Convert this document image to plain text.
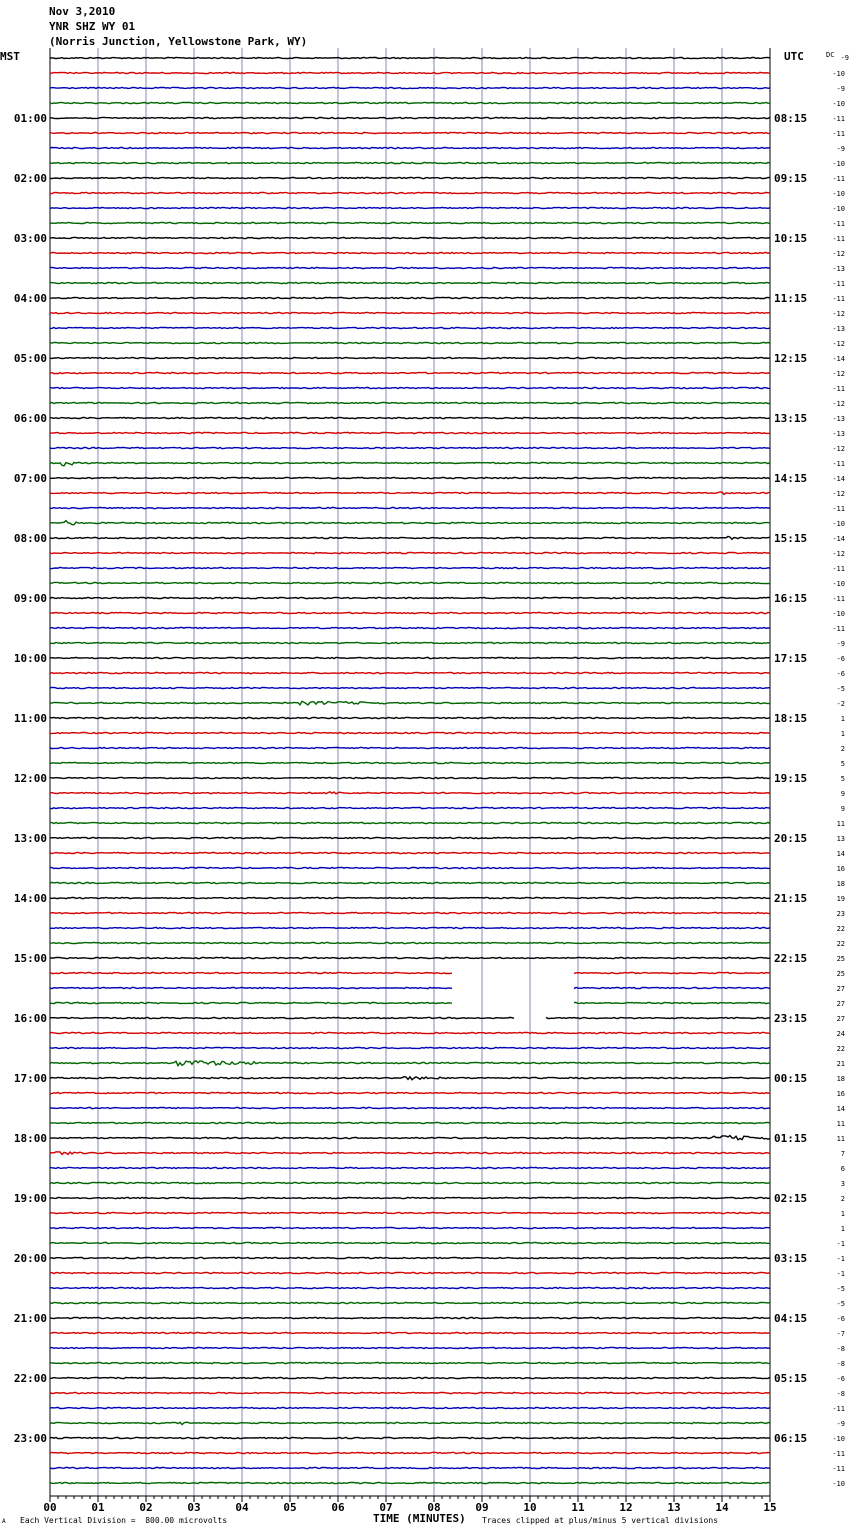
Nov 3,2010
YNR SHZ WY 01
(Norris Junction, Yellowstone Park, WY)
MST	UTC
01:00
02:00
03:00
04:00
05:00
06:00
07:00
08:00
09:00
10:00
11:00
12:00
13:00
14:00
15:00
16:00
17:00
18:00
19:00
20:00
21:00
22:00
23:00
08:15
09:15
10:15
11:15
12:15
13:15
14:15
15:15
16:15
17:15
18:15
19:15
20:15
21:15
22:15
23:15
00:15
01:15
02:15
03:15
04:15
05:15
06:15
DC -9
-10
-9
-10
-11
-11
-9
-10
-11
-10
-10
-11
-11
-12
-13
-11
-11
-12
-13
-12
-14
-12
-11
-12
-13
-13
-12
-11
-14
-12
-11
-10
-14
-12
-11
-10
-11
-10
-11
-9
-6
-6
-5
-2
1
1
2
5
5
9
9
11
13
14
16
18
19
23
22
22
25
25
27
27
27
24
22
21
18
16
14
11
11
7
6
3
2
1
1
-1
-1
-1
-5
-5
-6
-7
-8
-8
-6
-8
-11
-9
-10
-11
-11
-10
00	01	02	03	04	05	06	07	08	09	10	11	12	13	14	15
Each Vertical Division =  800.00 microvolts	Traces clipped at plus/minus 5 vertical divisions
A	TIME (MINUTES)
